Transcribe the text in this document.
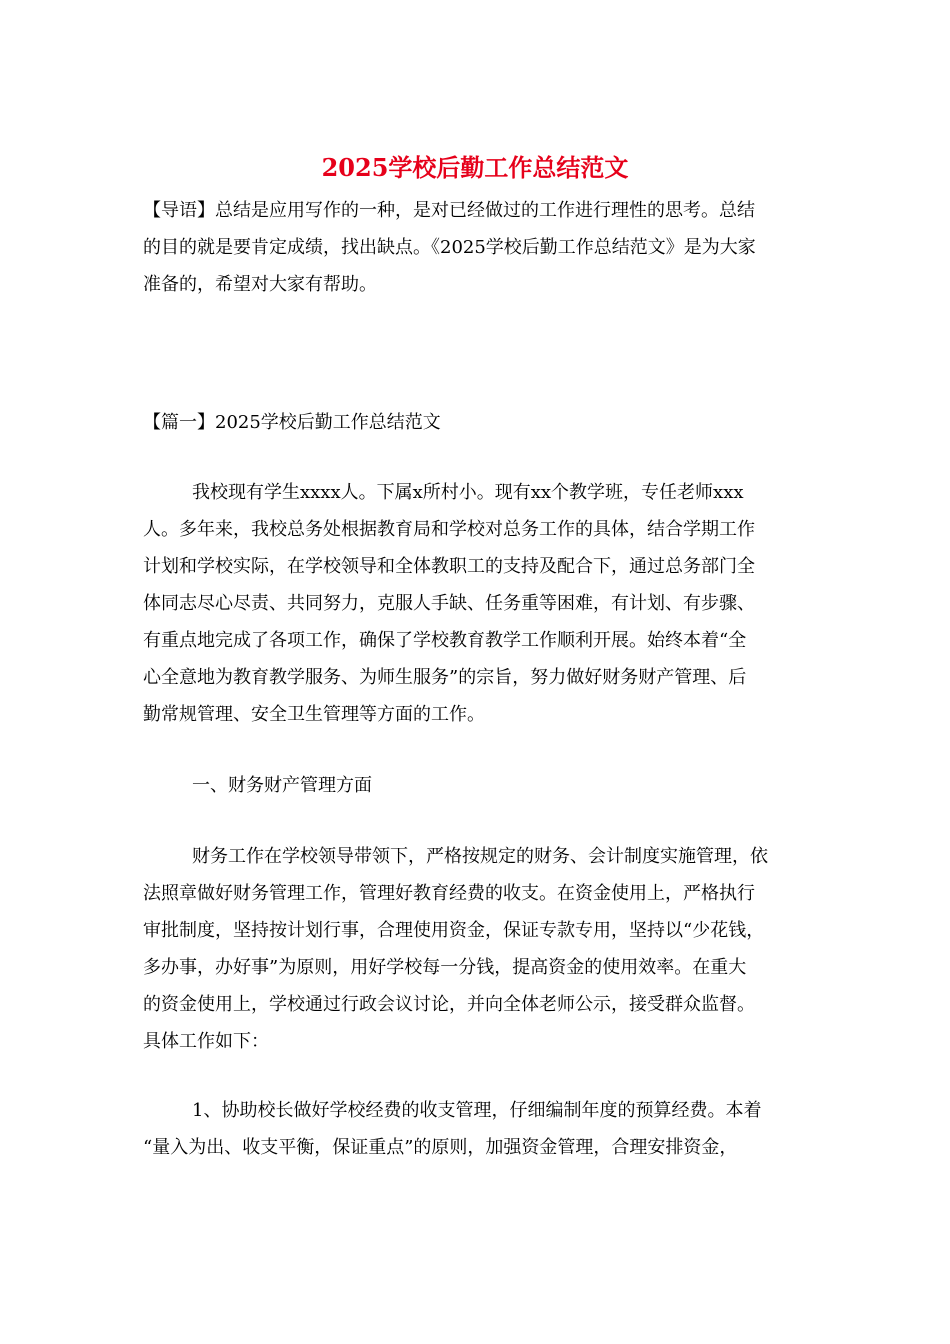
2025学校后勤工作总结范文
【导语】总结是应用写作的一种，是对已经做过的工作进行理性的思考。总结
的目的就是要肯定成绩，找出缺点。《2025学校后勤工作总结范文》是为大家
准备的，希望对大家有帮助。
【篇一】2025学校后勤工作总结范文
我校现有学生xxxx人。下属x所村小。现有xx个教学班，专任老师xxx
人。多年来，我校总务处根据教育局和学校对总务工作的具体，结合学期工作
计划和学校实际，在学校领导和全体教职工的支持及配合下，通过总务部门全
体同志尽心尽责、共同努力，克服人手缺、任务重等困难，有计划、有步骤、
有重点地完成了各项工作，确保了学校教育教学工作顺利开展。始终本着“全
心全意地为教育教学服务、为师生服务”的宗旨，努力做好财务财产管理、后
勤常规管理、安全卫生管理等方面的工作。
一、财务财产管理方面
财务工作在学校领导带领下，严格按规定的财务、会计制度实施管理，依
法照章做好财务管理工作，管理好教育经费的收支。在资金使用上，严格执行
审批制度，坚持按计划行事，合理使用资金，保证专款专用，坚持以“少花钱，
多办事，办好事”为原则，用好学校每一分钱，提高资金的使用效率。在重大
的资金使用上，学校通过行政会议讨论，并向全体老师公示，接受群众监督。
具体工作如下：
1、协助校长做好学校经费的收支管理，仔细编制年度的预算经费。本着
“量入为出、收支平衡，保证重点”的原则，加强资金管理，合理安排资金，
